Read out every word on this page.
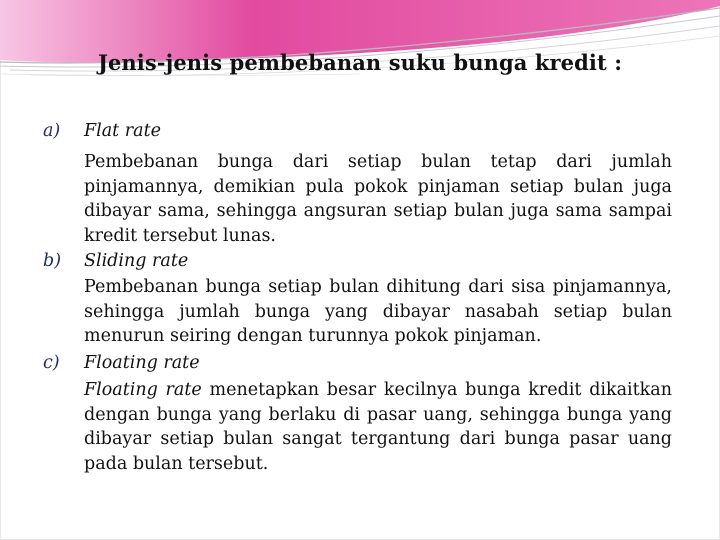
Jenis-jenis pembebanan suku bunga kredit :
a) Flat rate
Pembebanan bunga dari setiap bulan tetap dari jumlah pinjamannya, demikian pula pokok pinjaman setiap bulan juga dibayar sama, sehingga angsuran setiap bulan juga sama sampai kredit tersebut lunas.
b) Sliding rate
Pembebanan bunga setiap bulan dihitung dari sisa pinjamannya, sehingga jumlah bunga yang dibayar nasabah setiap bulan menurun seiring dengan turunnya pokok pinjaman.
c) Floating rate
Floating rate menetapkan besar kecilnya bunga kredit dikaitkan dengan bunga yang berlaku di pasar uang, sehingga bunga yang dibayar setiap bulan sangat tergantung dari bunga pasar uang pada bulan tersebut.
